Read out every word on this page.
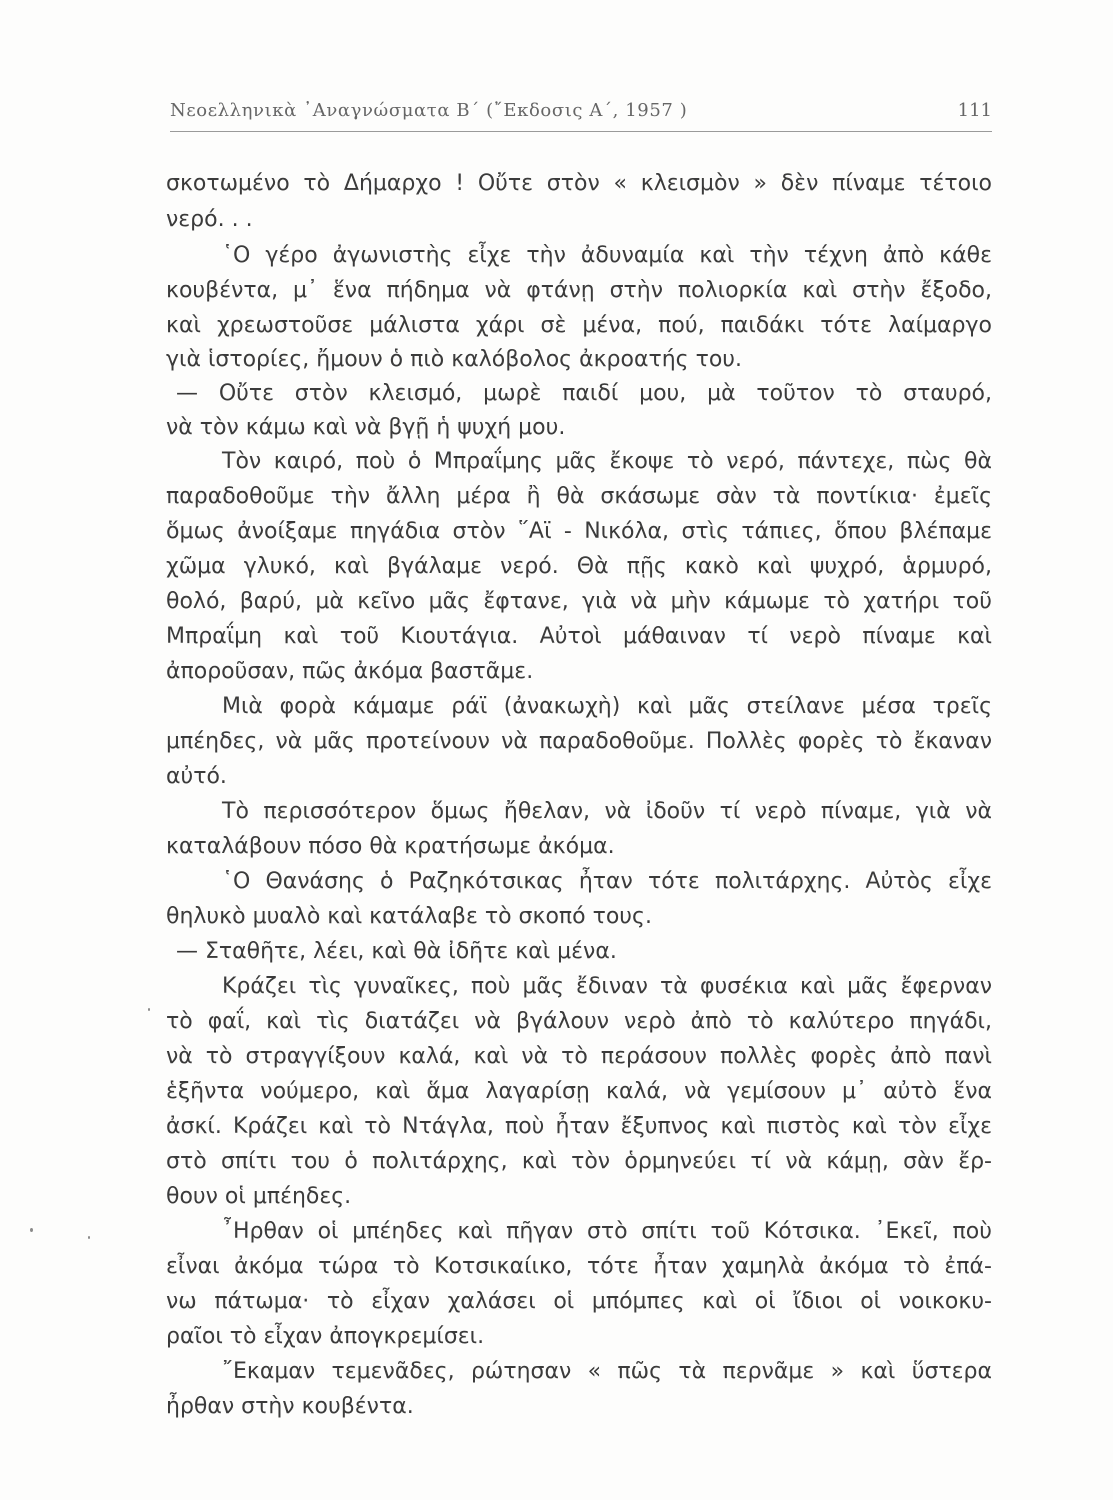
Νεοελληνικὰ ᾿Αναγνώσματα Β΄ (῎Εκδοσις Α΄, 1957 )	111
σκοτωμένο τὸ Δήμαρχο ! Οὔτε στὸν « κλεισμὸν » δὲν πίναμε τέτοιο
νερό. . .
῾Ο γέρο ἀγωνιστὴς εἶχε τὴν ἀδυναμία καὶ τὴν τέχνη ἀπὸ κάθε
κουβέντα, μ᾿ ἕνα πήδημα νὰ φτάνῃ στὴν πολιορκία καὶ στὴν ἔξοδο,
καὶ χρεωστοῦσε μάλιστα χάρι σὲ μένα, πού, παιδάκι τότε λαίμαργο
γιὰ ἱστορίες, ἤμουν ὁ πιὸ καλόβολος ἀκροατής του.
— Οὔτε στὸν κλεισμό, μωρὲ παιδί μου, μὰ τοῦτον τὸ σταυρό,
νὰ τὸν κάμω καὶ νὰ βγῇ ἡ ψυχή μου.
Τὸν καιρό, ποὺ ὁ Μπραΐμης μᾶς ἔκοψε τὸ νερό, πάντεχε, πὼς θὰ
παραδοθοῦμε τὴν ἄλλη μέρα ἢ θὰ σκάσωμε σὰν τὰ ποντίκια· ἐμεῖς
ὅμως ἀνοίξαμε πηγάδια στὸν ῞Αϊ - Νικόλα, στὶς τάπιες, ὅπου βλέπαμε
χῶμα γλυκό, καὶ βγάλαμε νερό. Θὰ πῇς κακὸ καὶ ψυχρό, ἁρμυρό,
θολό, βαρύ, μὰ κεῖνο μᾶς ἔφτανε, γιὰ νὰ μὴν κάμωμε τὸ χατήρι τοῦ
Μπραΐμη καὶ τοῦ Κιουτάγια. Αὐτοὶ μάθαιναν τί νερὸ πίναμε καὶ
ἀποροῦσαν, πῶς ἀκόμα βαστᾶμε.
Μιὰ φορὰ κάμαμε ράϊ (ἀνακωχὴ) καὶ μᾶς στείλανε μέσα τρεῖς
μπέηδες, νὰ μᾶς προτείνουν νὰ παραδοθοῦμε. Πολλὲς φορὲς τὸ ἔκαναν
αὐτό.
Τὸ περισσότερον ὅμως ἤθελαν, νὰ ἰδοῦν τί νερὸ πίναμε, γιὰ νὰ
καταλάβουν πόσο θὰ κρατήσωμε ἀκόμα.
῾Ο Θανάσης ὁ Ραζηκότσικας ἦταν τότε πολιτάρχης. Αὐτὸς εἶχε
θηλυκὸ μυαλὸ καὶ κατάλαβε τὸ σκοπό τους.
— Σταθῆτε, λέει, καὶ θὰ ἰδῆτε καὶ μένα.
Κράζει τὶς γυναῖκες, ποὺ μᾶς ἔδιναν τὰ φυσέκια καὶ μᾶς ἔφερναν
τὸ φαΐ, καὶ τὶς διατάζει νὰ βγάλουν νερὸ ἀπὸ τὸ καλύτερο πηγάδι,
νὰ τὸ στραγγίξουν καλά, καὶ νὰ τὸ περάσουν πολλὲς φορὲς ἀπὸ πανὶ
ἑξῆντα νούμερο, καὶ ἅμα λαγαρίσῃ καλά, νὰ γεμίσουν μ᾿ αὐτὸ ἕνα
ἀσκί. Κράζει καὶ τὸ Ντάγλα, ποὺ ἦταν ἔξυπνος καὶ πιστὸς καὶ τὸν εἶχε
στὸ σπίτι του ὁ πολιτάρχης, καὶ τὸν ὁρμηνεύει τί νὰ κάμῃ, σὰν ἔρ-
θουν οἱ μπέηδες.
῏Ηρθαν οἱ μπέηδες καὶ πῆγαν στὸ σπίτι τοῦ Κότσικα. ᾿Εκεῖ, ποὺ
εἶναι ἀκόμα τώρα τὸ Κοτσικαίικο, τότε ἦταν χαμηλὰ ἀκόμα τὸ ἐπά-
νω πάτωμα· τὸ εἶχαν χαλάσει οἱ μπόμπες καὶ οἱ ἴδιοι οἱ νοικοκυ-
ραῖοι τὸ εἶχαν ἀπογκρεμίσει.
῎Εκαμαν τεμενᾶδες, ρώτησαν « πῶς τὰ περνᾶμε » καὶ ὕστερα
ἦρθαν στὴν κουβέντα.
